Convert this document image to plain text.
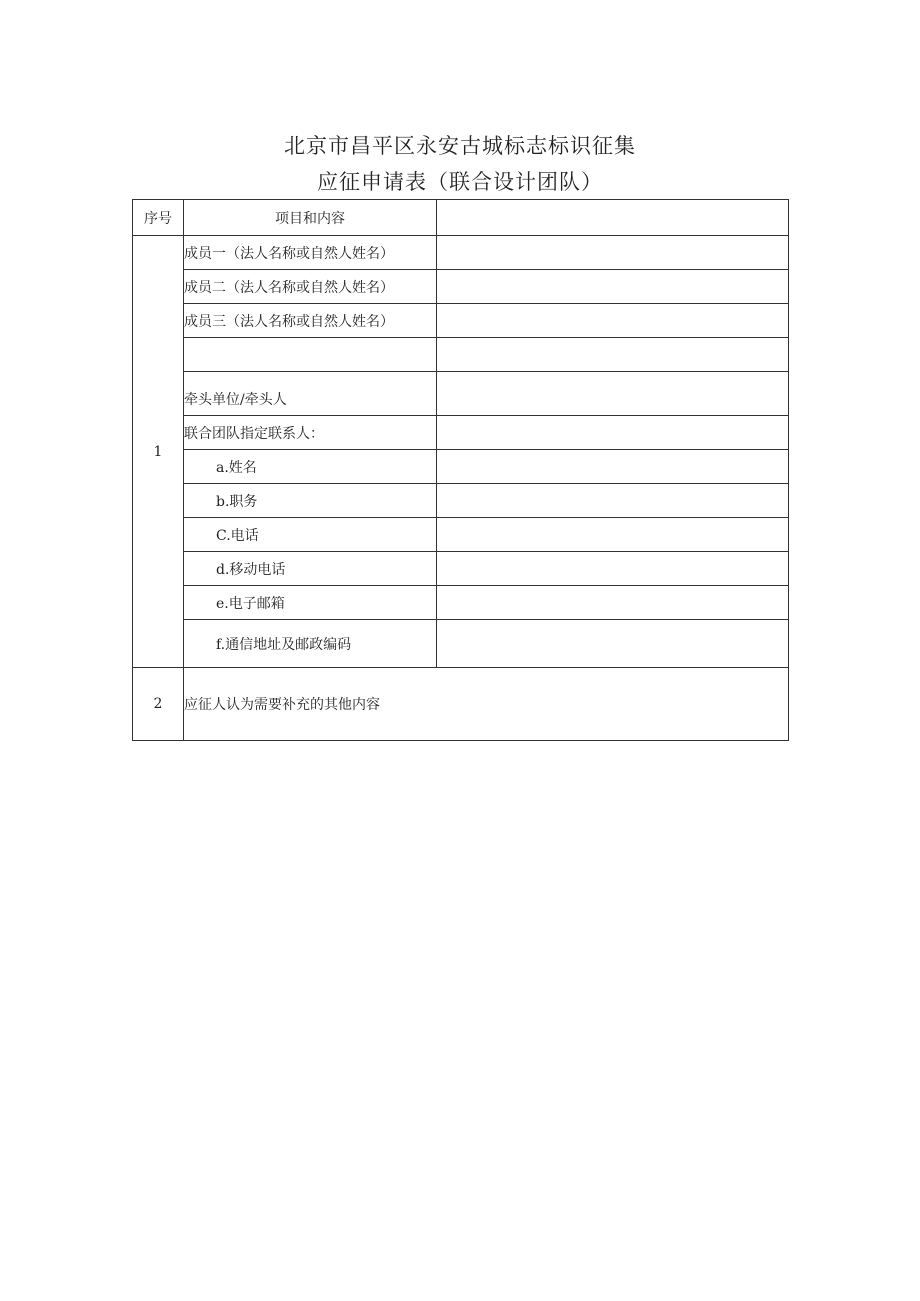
北京市昌平区永安古城标志标识征集
应征申请表（联合设计团队）
序号	项目和内容	
1	成员一（法人名称或自然人姓名）	
	成员二（法人名称或自然人姓名）	
	成员三（法人名称或自然人姓名）	

	牵头单位/牵头人	
	联合团队指定联系人：	
	a.姓名	
	b.职务	
	C.电话	
	d.移动电话	
	e.电子邮箱	
	f.通信地址及邮政编码	
2	应征人认为需要补充的其他内容	
